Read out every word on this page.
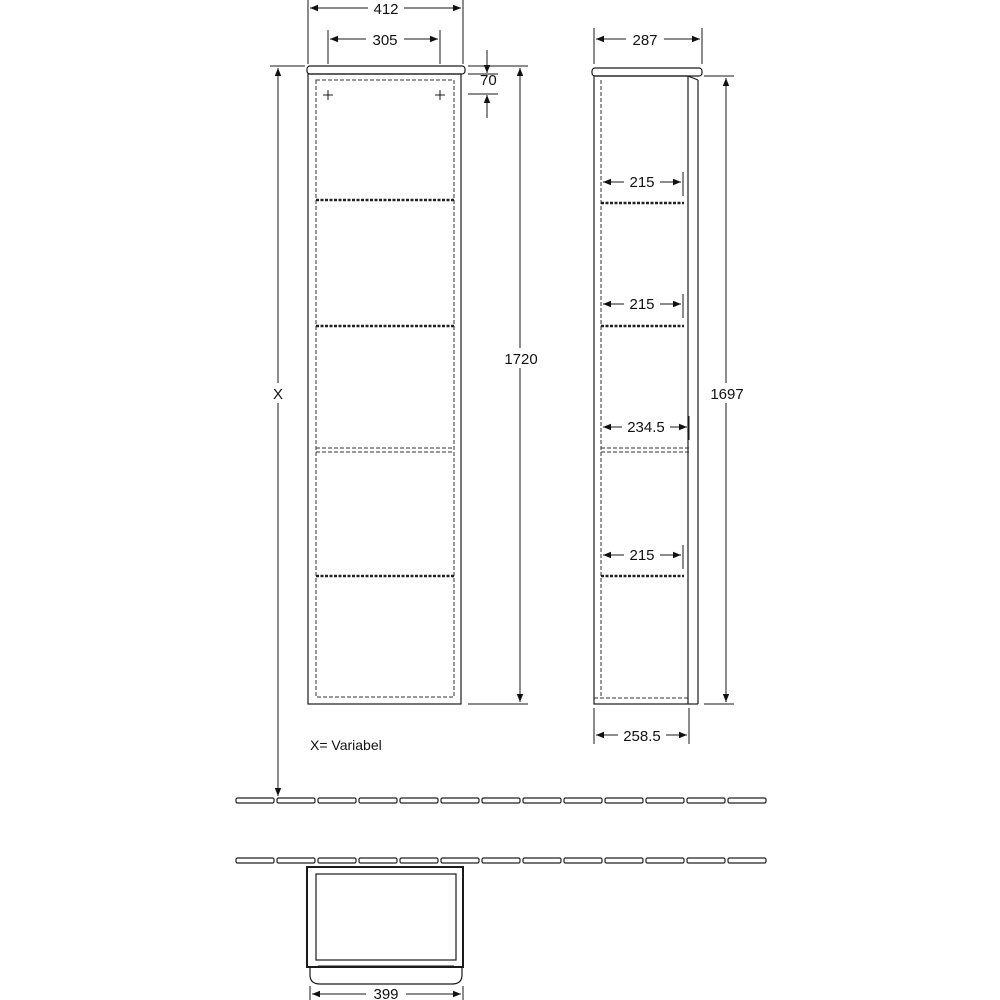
412
305
70
1720
X
X= Variabel
215
215
234.5
215
287
258.5
1697
399
